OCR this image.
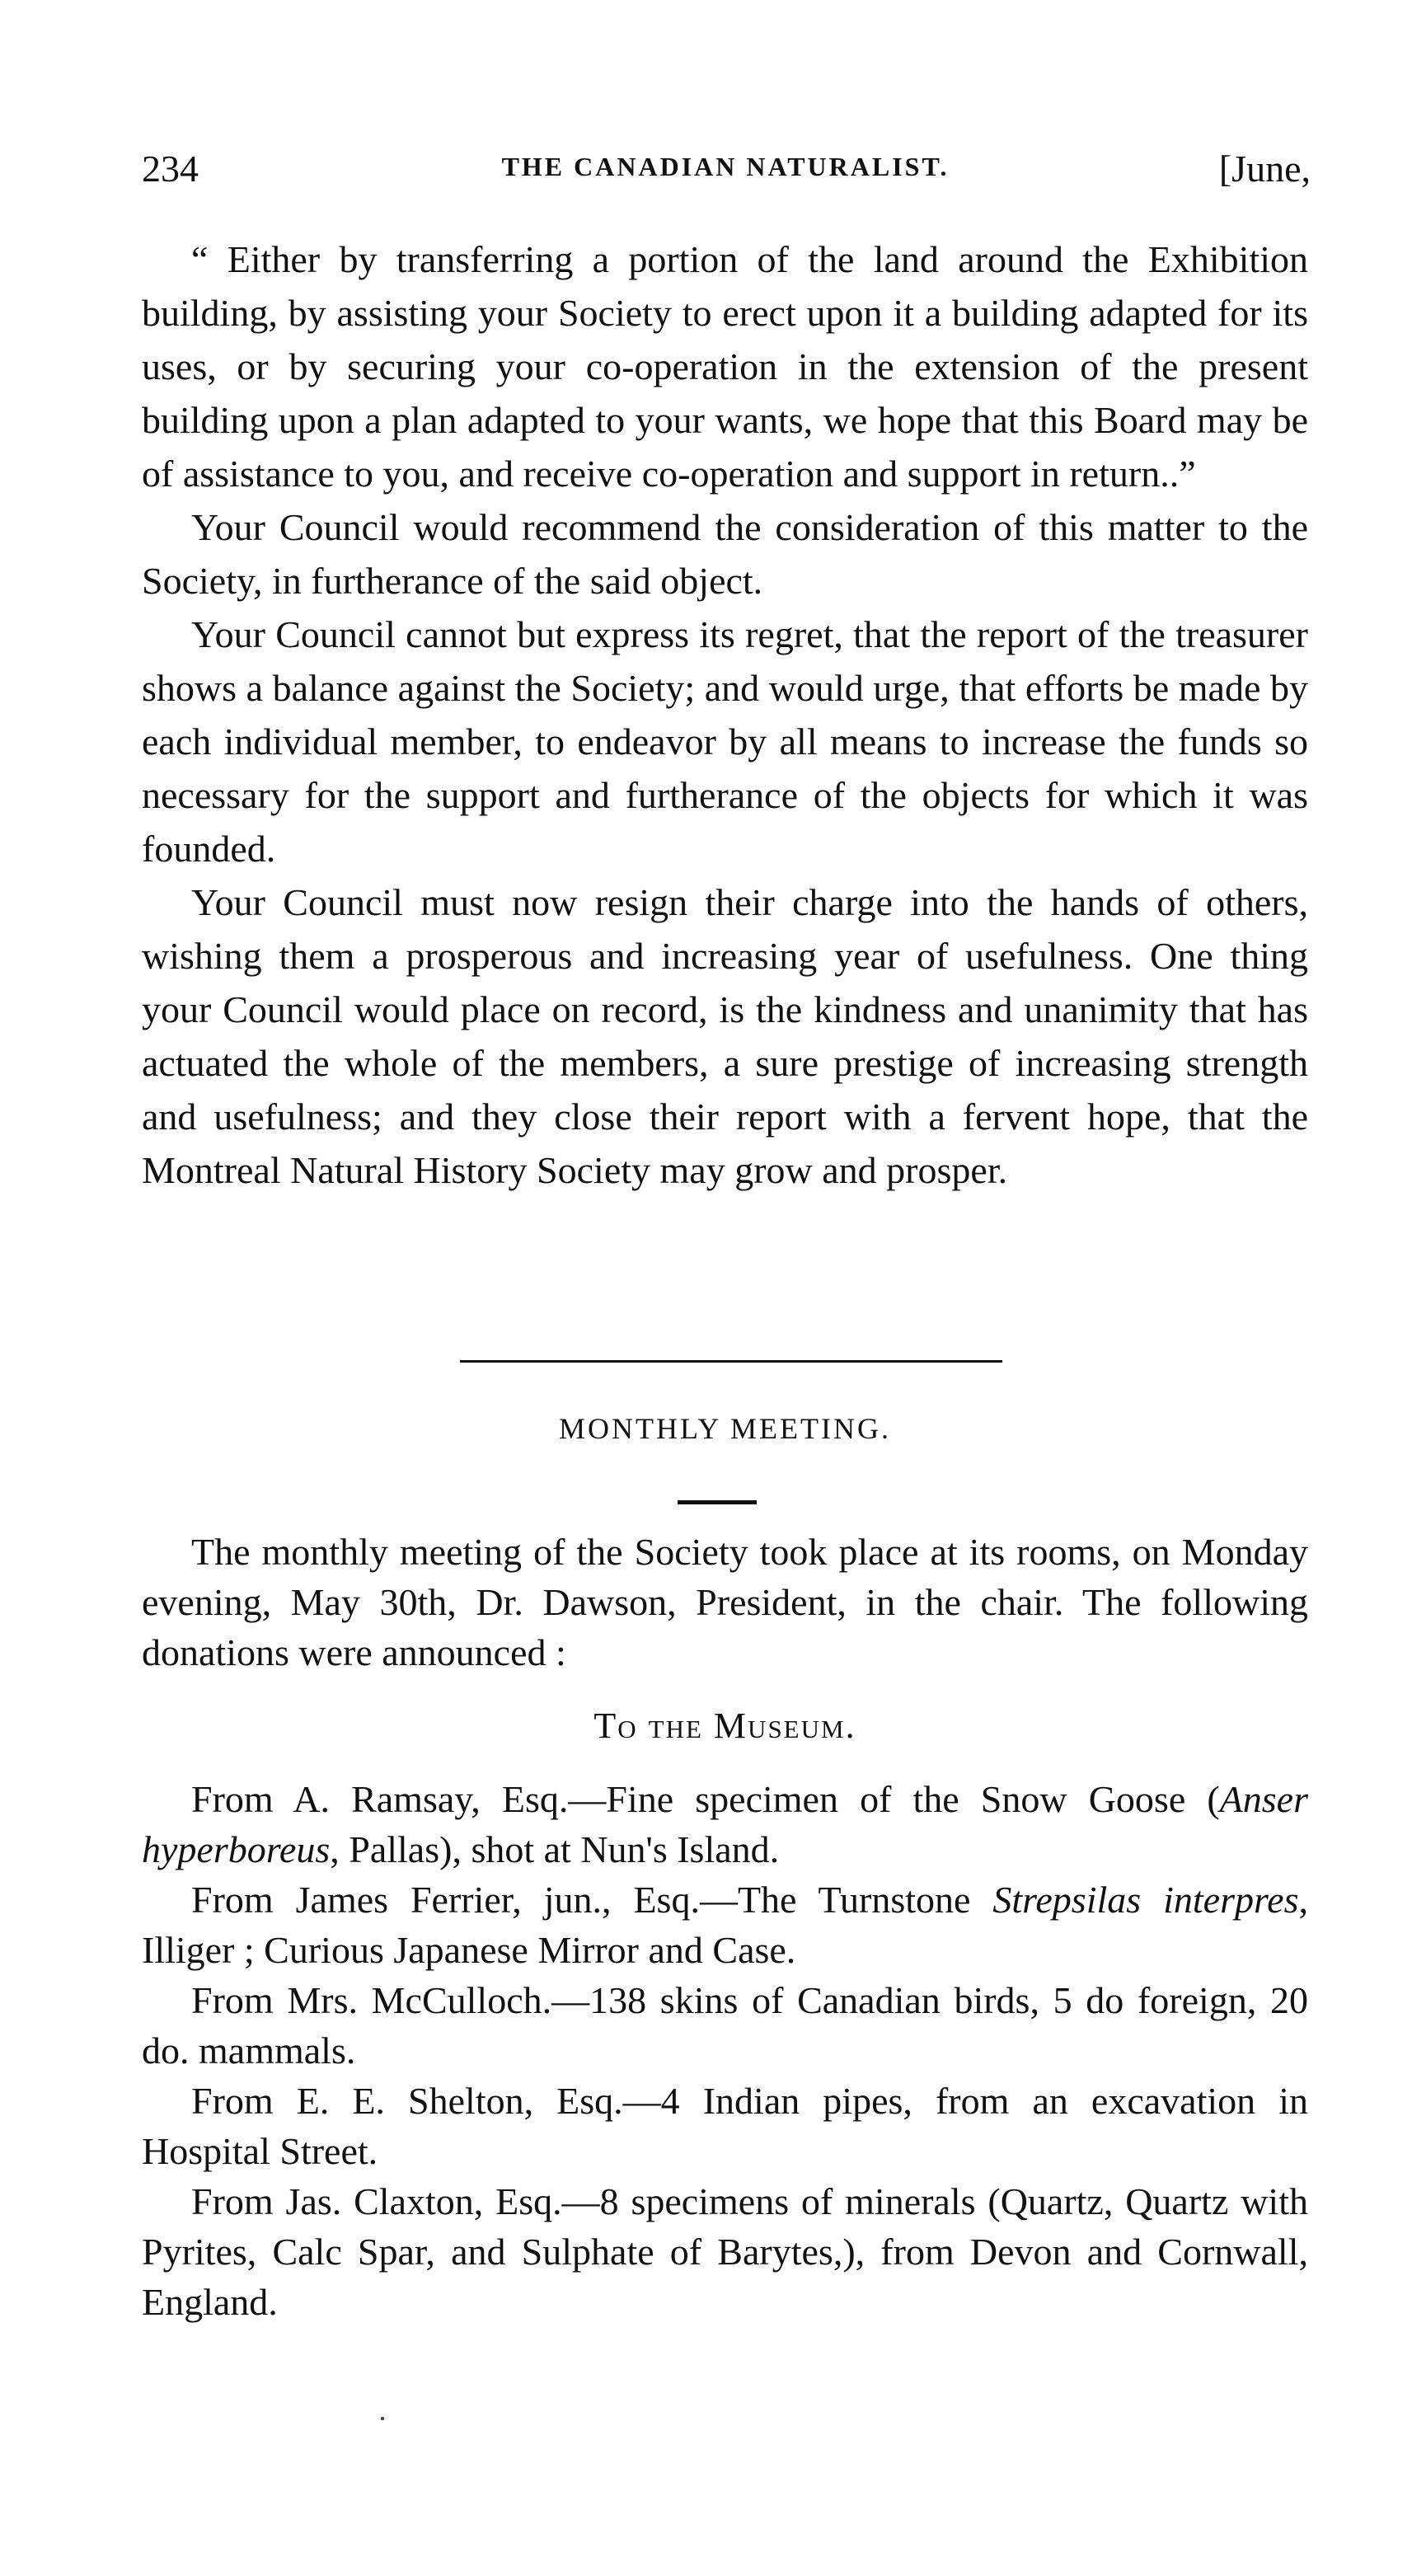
234	THE CANADIAN NATURALIST.	[June,

“ Either by transferring a portion of the land around the Exhibition building, by assisting your Society to erect upon it a building adapted for its uses, or by securing your co-operation in the extension of the present building upon a plan adapted to your wants, we hope that this Board may be of assistance to you, and receive co-operation and support in return..”

Your Council would recommend the consideration of this matter to the Society, in furtherance of the said object.

Your Council cannot but express its regret, that the report of the treasurer shows a balance against the Society; and would urge, that efforts be made by each individual member, to endeavor by all means to increase the funds so necessary for the support and furtherance of the objects for which it was founded.

Your Council must now resign their charge into the hands of others, wishing them a prosperous and increasing year of usefulness. One thing your Council would place on record, is the kindness and unanimity that has actuated the whole of the members, a sure prestige of increasing strength and usefulness; and they close their report with a fervent hope, that the Montreal Natural History Society may grow and prosper.

MONTHLY MEETING.

The monthly meeting of the Society took place at its rooms, on Monday evening, May 30th, Dr. Dawson, President, in the chair. The following donations were announced :

To the Museum.

From A. Ramsay, Esq.—Fine specimen of the Snow Goose (Anser hyperboreus, Pallas), shot at Nun's Island.

From James Ferrier, jun., Esq.—The Turnstone Strepsilas interpres, Illiger ; Curious Japanese Mirror and Case.

From Mrs. McCulloch.—138 skins of Canadian birds, 5 do foreign, 20 do. mammals.

From E. E. Shelton, Esq.—4 Indian pipes, from an excavation in Hospital Street.

From Jas. Claxton, Esq.—8 specimens of minerals (Quartz, Quartz with Pyrites, Calc Spar, and Sulphate of Barytes,), from Devon and Cornwall, England.
